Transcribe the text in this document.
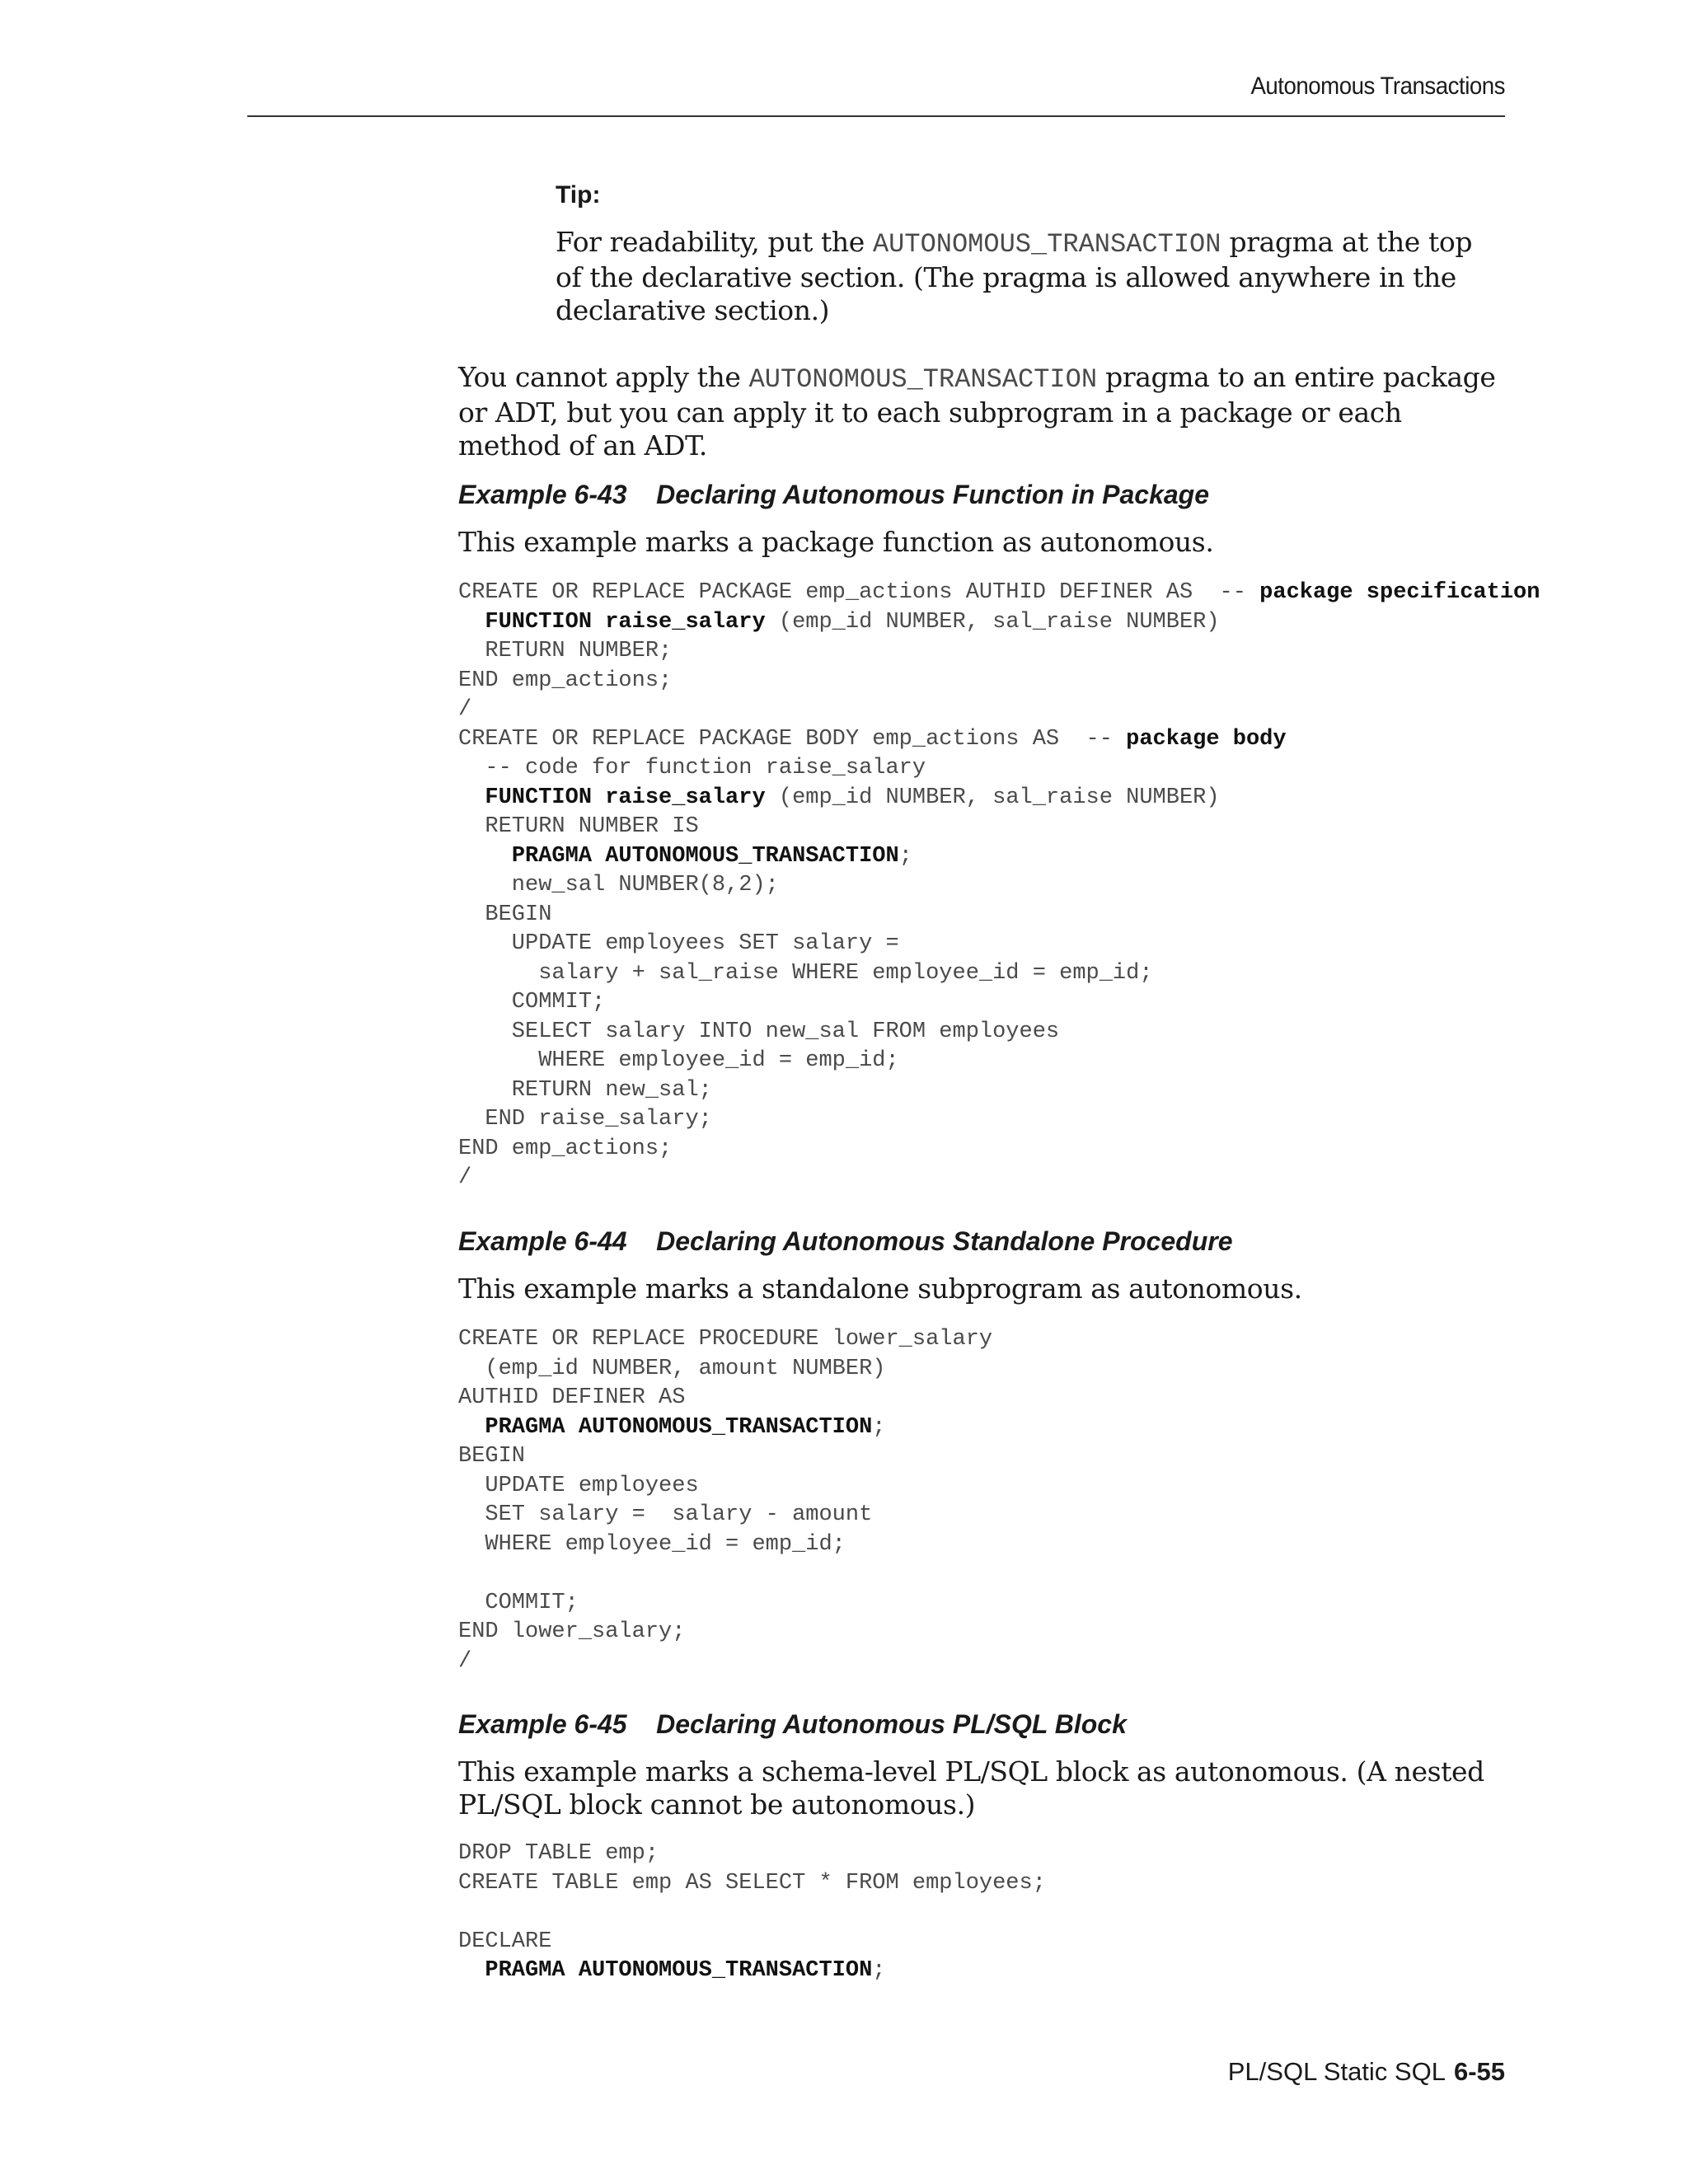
Autonomous Transactions
Tip:
For readability, put the AUTONOMOUS_TRANSACTION pragma at the top of the declarative section. (The pragma is allowed anywhere in the declarative section.)
You cannot apply the AUTONOMOUS_TRANSACTION pragma to an entire package or ADT, but you can apply it to each subprogram in a package or each method of an ADT.
Example 6-43    Declaring Autonomous Function in Package
This example marks a package function as autonomous.
CREATE OR REPLACE PACKAGE emp_actions AUTHID DEFINER AS  -- package specification
FUNCTION raise_salary (emp_id NUMBER, sal_raise NUMBER)
RETURN NUMBER;
END emp_actions;
/
CREATE OR REPLACE PACKAGE BODY emp_actions AS  -- package body
-- code for function raise_salary
FUNCTION raise_salary (emp_id NUMBER, sal_raise NUMBER)
RETURN NUMBER IS
PRAGMA AUTONOMOUS_TRANSACTION;
new_sal NUMBER(8,2);
BEGIN
UPDATE employees SET salary =
salary + sal_raise WHERE employee_id = emp_id;
COMMIT;
SELECT salary INTO new_sal FROM employees
WHERE employee_id = emp_id;
RETURN new_sal;
END raise_salary;
END emp_actions;
/
Example 6-44    Declaring Autonomous Standalone Procedure
This example marks a standalone subprogram as autonomous.
CREATE OR REPLACE PROCEDURE lower_salary
(emp_id NUMBER, amount NUMBER)
AUTHID DEFINER AS
PRAGMA AUTONOMOUS_TRANSACTION;
BEGIN
UPDATE employees
SET salary =  salary - amount
WHERE employee_id = emp_id;
COMMIT;
END lower_salary;
/
Example 6-45    Declaring Autonomous PL/SQL Block
This example marks a schema-level PL/SQL block as autonomous. (A nested PL/SQL block cannot be autonomous.)
DROP TABLE emp;
CREATE TABLE emp AS SELECT * FROM employees;
DECLARE
PRAGMA AUTONOMOUS_TRANSACTION;
PL/SQL Static SQL 6-55
